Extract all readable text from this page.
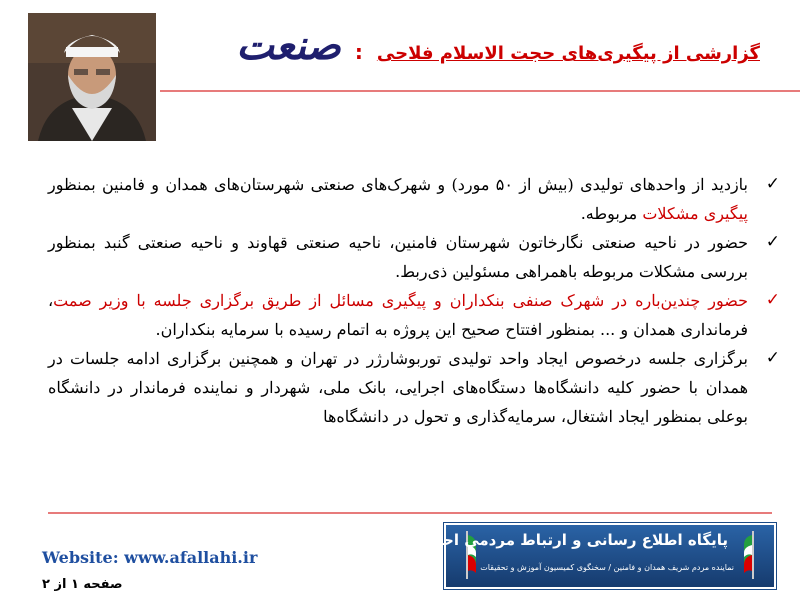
گزارشی از پیگیری‌های حجت الاسلام فلاحی
:
صنعت

✓
بازدید از واحدهای تولیدی (بیش از ۵۰ مورد) و شهرک‌های صنعتی شهرستان‌های همدان و فامنین بمنظور پیگیری مشکلات مربوطه.

✓
حضور در ناحیه صنعتی نگارخاتون شهرستان فامنین، ناحیه صنعتی قهاوند و ناحیه صنعتی گنبد بمنظور بررسی مشکلات مربوطه باهمراهی مسئولین ذی‌ربط.

✓
حضور چندین‌باره در شهرک صنفی بنکداران و پیگیری مسائل از طریق برگزاری جلسه با وزیر صمت، فرمانداری همدان و ... بمنظور افتتاح صحیح این پروژه به اتمام رسیده با سرمایه بنکداران.

✓
برگزاری جلسه درخصوص ایجاد واحد تولیدی توربوشارژر در تهران و همچنین برگزاری ادامه جلسات در همدان با حضور کلیه دانشگاه‌ها دستگاه‌های اجرایی، بانک ملی، شهردار و نماینده فرماندار در دانشگاه بوعلی بمنظور ایجاد اشتغال، سرمایه‌گذاری و تحول در دانشگاه‌ها

Website: www.afallahi.ir
صفحه ۱ از ۲
پایگاه اطلاع رسانی و ارتباط مردمی احمدحسین فلاحی
نماینده مردم شریف همدان و فامنین / سخنگوی کمیسیون آموزش و تحقیقات
